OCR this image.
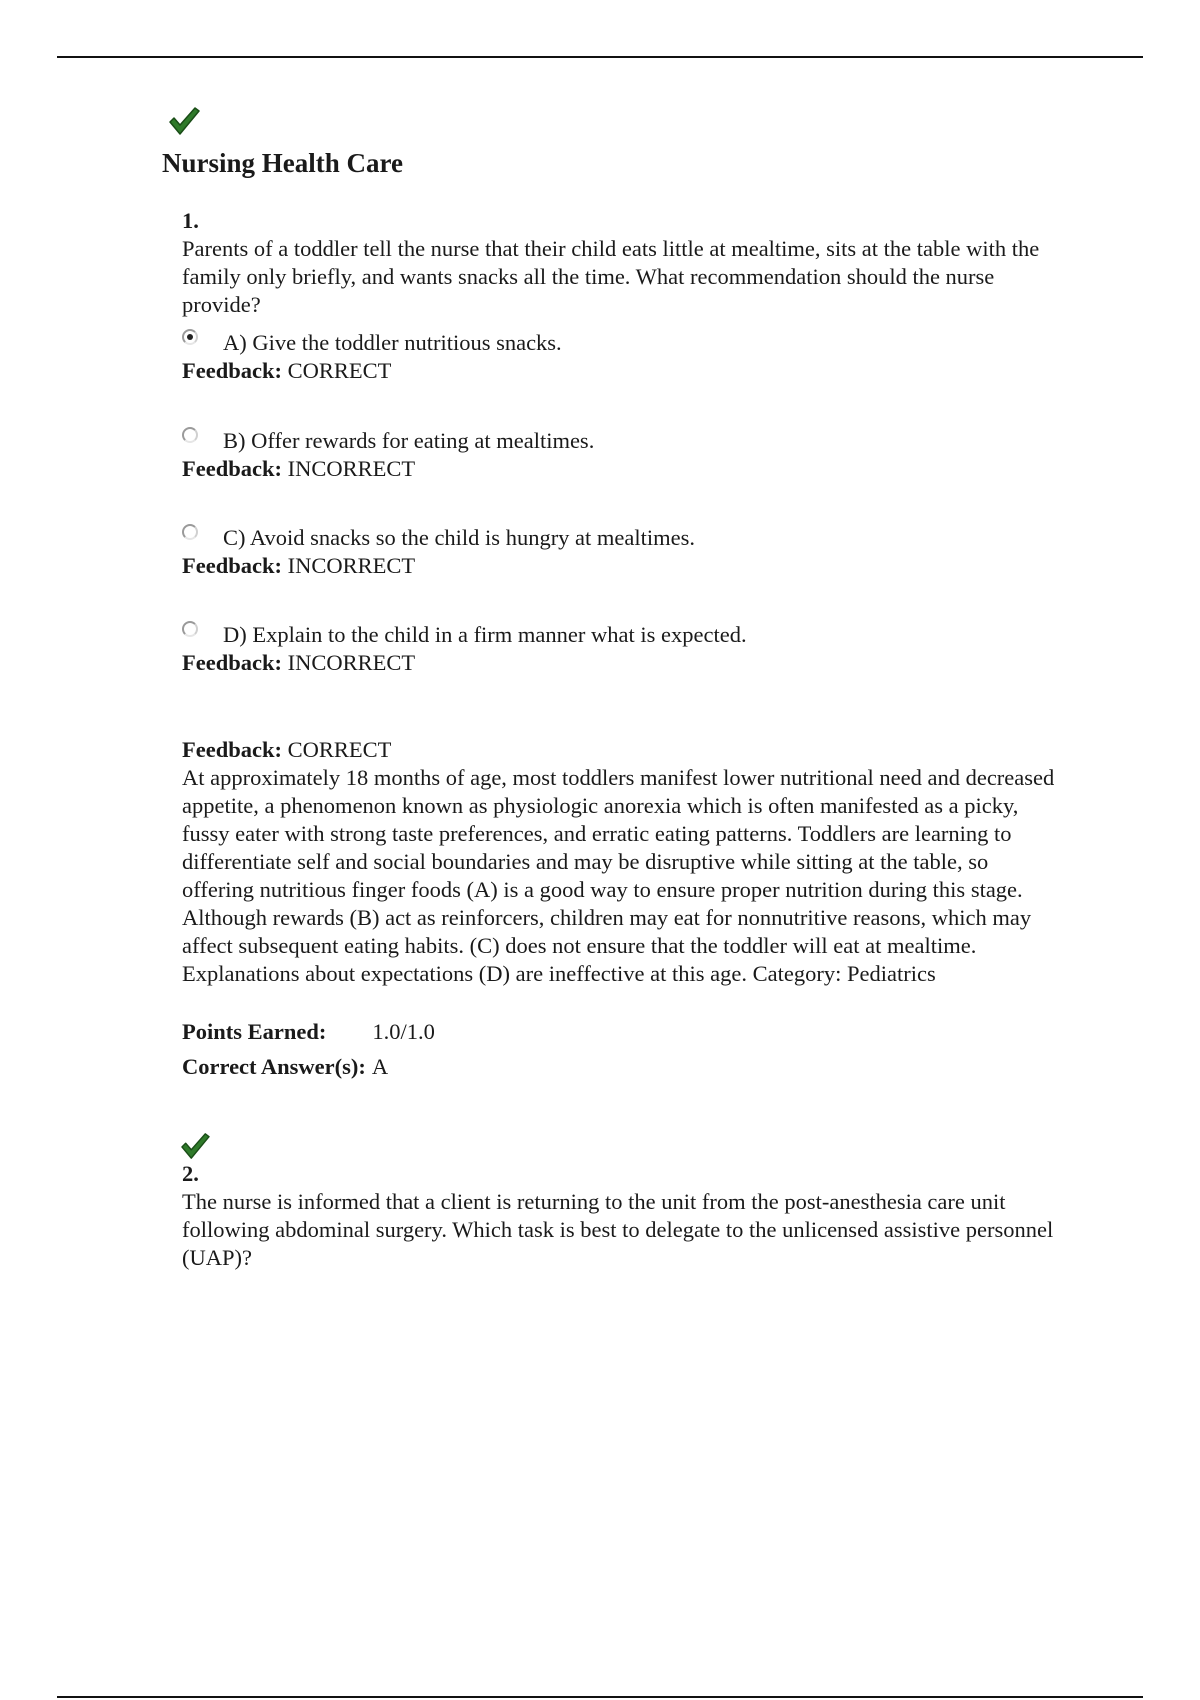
Nursing Health Care
1.

Parents of a toddler tell the nurse that their child eats little at mealtime, sits at the table with the family only briefly, and wants snacks all the time. What recommendation should the nurse provide?

A) Give the toddler nutritious snacks.
Feedback: CORRECT
B) Offer rewards for eating at mealtimes.
Feedback: INCORRECT
C) Avoid snacks so the child is hungry at mealtimes.
Feedback: INCORRECT
D) Explain to the child in a firm manner what is expected.
Feedback: INCORRECT
Feedback: CORRECT

At approximately 18 months of age, most toddlers manifest lower nutritional need and decreased appetite, a phenomenon known as physiologic anorexia which is often manifested as a picky, fussy eater with strong taste preferences, and erratic eating patterns. Toddlers are learning to differentiate self and social boundaries and may be disruptive while sitting at the table, so offering nutritious finger foods (A) is a good way to ensure proper nutrition during this stage. Although rewards (B) act as reinforcers, children may eat for nonnutritive reasons, which may affect subsequent eating habits. (C) does not ensure that the toddler will eat at mealtime. Explanations about expectations (D) are ineffective at this age. Category: Pediatrics

Points Earned: 1.0/1.0
Correct Answer(s): A
2.

The nurse is informed that a client is returning to the unit from the post-anesthesia care unit following abdominal surgery. Which task is best to delegate to the unlicensed assistive personnel (UAP)?
